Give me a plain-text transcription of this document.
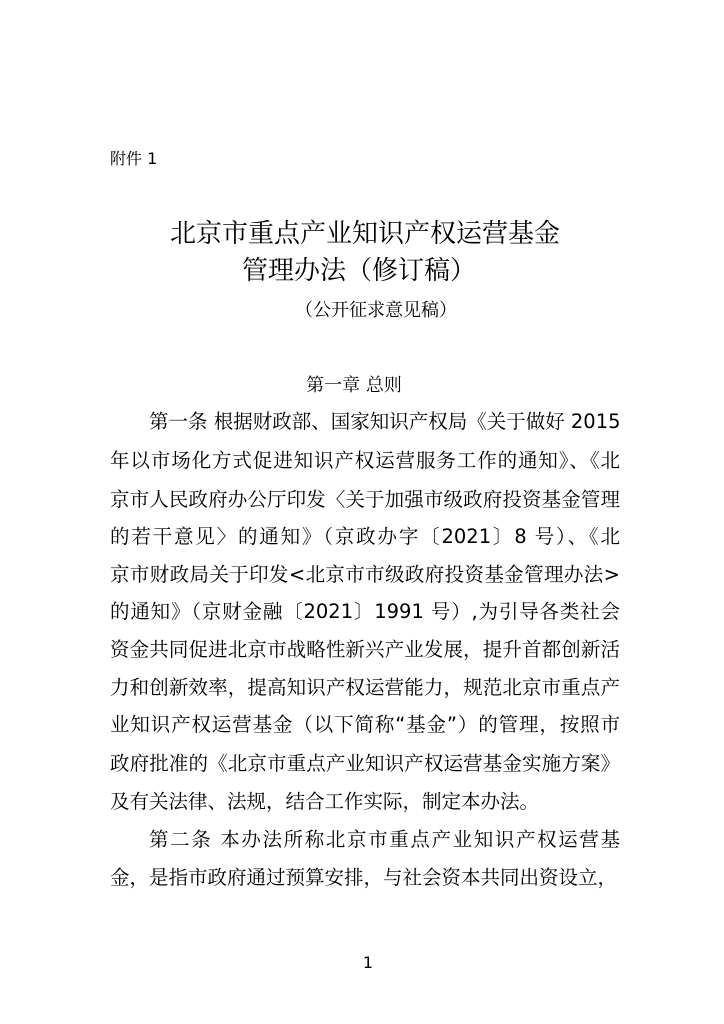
附件 1
北京市重点产业知识产权运营基金
管理办法（修订稿）
（公开征求意见稿）
第一章 总则
第一条 根据财政部、国家知识产权局《关于做好 2015
年以市场化方式促进知识产权运营服务工作的通知》、《北
京市人民政府办公厅印发〈关于加强市级政府投资基金管理
的若干意见〉的通知》（京政办字〔2021〕8 号）、《北
京市财政局关于印发<北京市市级政府投资基金管理办法>
的通知》（京财金融〔2021〕1991 号）,为引导各类社会
资金共同促进北京市战略性新兴产业发展，提升首都创新活
力和创新效率，提高知识产权运营能力，规范北京市重点产
业知识产权运营基金（以下简称“基金”）的管理，按照市
政府批准的《北京市重点产业知识产权运营基金实施方案》
及有关法律、法规，结合工作实际，制定本办法。
第二条 本办法所称北京市重点产业知识产权运营基
金，是指市政府通过预算安排，与社会资本共同出资设立，
1
